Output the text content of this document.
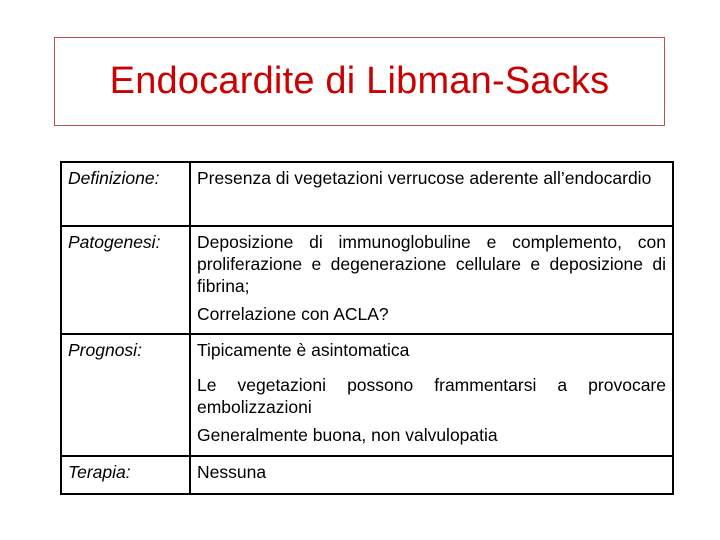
Endocardite di Libman-Sacks
Definizione:	Presenza di vegetazioni verrucose aderente all’endocardio

Patogenesi:	Deposizione di immunoglobuline e complemento, con proliferazione e degenerazione cellulare e deposizione di fibrina;

Correlazione con ACLA?

Prognosi:	Tipicamente è asintomatica

Le vegetazioni possono frammentarsi a provocare embolizzazioni

Generalmente buona, non valvulopatia

Terapia:	Nessuna
